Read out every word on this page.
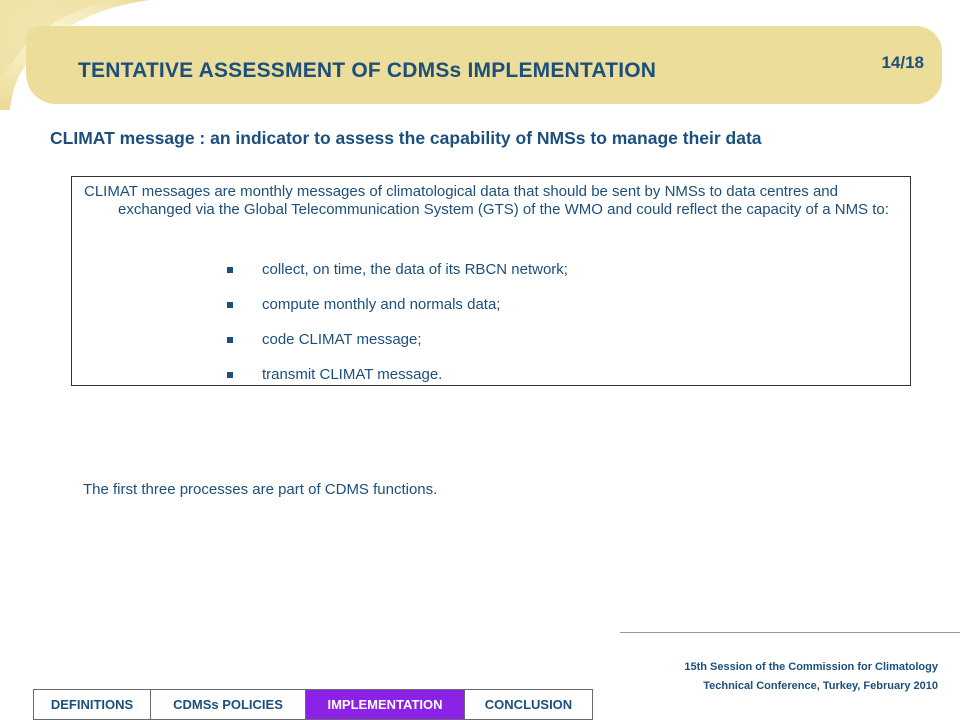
TENTATIVE ASSESSMENT OF CDMSs IMPLEMENTATION	14/18
CLIMAT message : an indicator to assess the capability of NMSs to manage their data
CLIMAT messages are monthly messages of climatological data that should be sent by NMSs to data centres and exchanged via the Global Telecommunication System (GTS) of the WMO and could reflect the capacity of a NMS to:
collect, on time, the data of its RBCN network;
compute monthly and normals data;
code CLIMAT message;
transmit CLIMAT message.
The first three processes are part of CDMS functions.
15th Session of the Commission for Climatology
Technical Conference, Turkey, February 2010
DEFINITIONS	CDMSs POLICIES	IMPLEMENTATION	CONCLUSION
